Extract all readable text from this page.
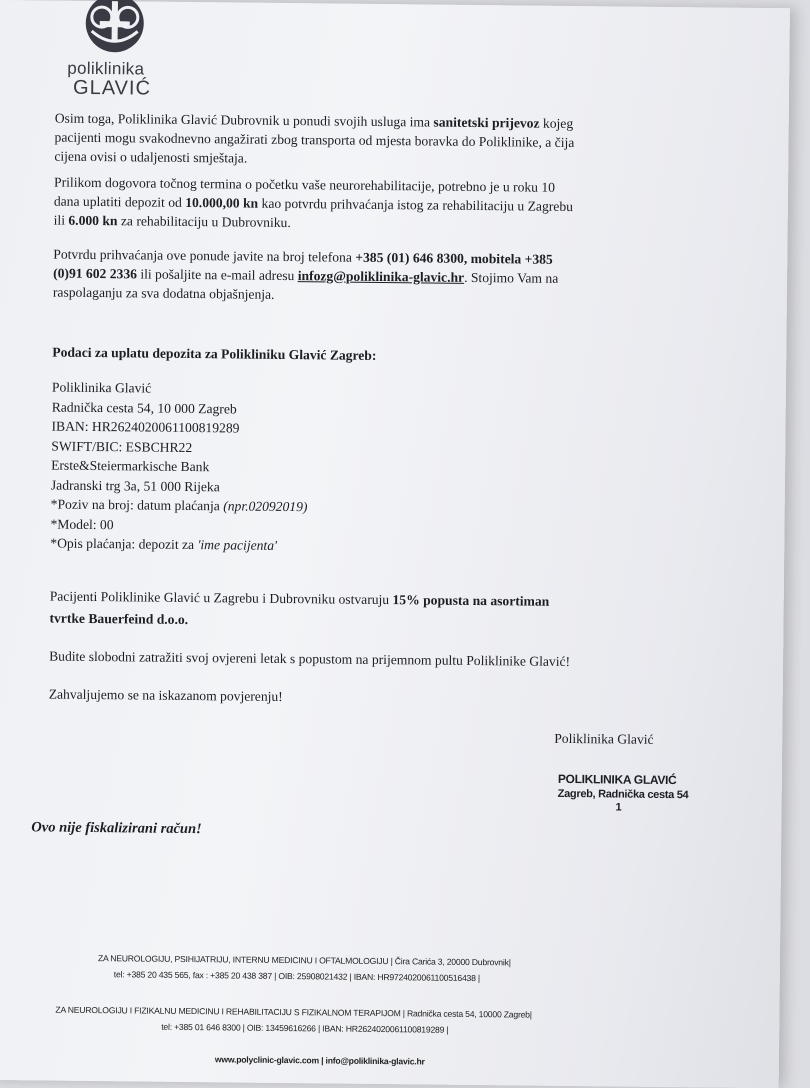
poliklinika
GLAVIĆ
Osim toga, Poliklinika Glavić Dubrovnik u ponudi svojih usluga ima sanitetski prijevoz kojeg
pacijenti mogu svakodnevno angažirati zbog transporta od mjesta boravka do Poliklinike, a čija
cijena ovisi o udaljenosti smještaja.
Prilikom dogovora točnog termina o početku vaše neurorehabilitacije, potrebno je u roku 10
dana uplatiti depozit od 10.000,00 kn kao potvrdu prihvaćanja istog za rehabilitaciju u Zagrebu
ili 6.000 kn za rehabilitaciju u Dubrovniku.
Potvrdu prihvaćanja ove ponude javite na broj telefona +385 (01) 646 8300, mobitela +385
(0)91 602 2336 ili pošaljite na e-mail adresu infozg@poliklinika-glavic.hr. Stojimo Vam na
raspolaganju za sva dodatna objašnjenja.
Podaci za uplatu depozita za Polikliniku Glavić Zagreb:
Poliklinika Glavić
Radnička cesta 54, 10 000 Zagreb
IBAN: HR2624020061100819289
SWIFT/BIC: ESBCHR22
Erste&Steiermarkische Bank
Jadranski trg 3a, 51 000 Rijeka
*Poziv na broj: datum plaćanja (npr.02092019)
*Model: 00
*Opis plaćanja: depozit za 'ime pacijenta'
Pacijenti Poliklinike Glavić u Zagrebu i Dubrovniku ostvaruju 15% popusta na asortiman
tvrtke Bauerfeind d.o.o.
Budite slobodni zatražiti svoj ovjereni letak s popustom na prijemnom pultu Poliklinike Glavić!
Zahvaljujemo se na iskazanom povjerenju!
Poliklinika Glavić
POLIKLINIKA GLAVIĆ
Zagreb, Radnička cesta 54
1
Ovo nije fiskalizirani račun!
ZA NEUROLOGIJU, PSIHIJATRIJU, INTERNU MEDICINU I OFTALMOLOGIJU | Čira Carića 3, 20000 Dubrovnik|
tel: +385 20 435 565, fax : +385 20 438 387 | OIB: 25908021432 | IBAN: HR9724020061100516438 |
ZA NEUROLOGIJU I FIZIKALNU MEDICINU I REHABILITACIJU S FIZIKALNOM TERAPIJOM | Radnička cesta 54, 10000 Zagreb|
tel: +385 01 646 8300 | OIB: 13459616266 | IBAN: HR2624020061100819289 |
www.polyclinic-glavic.com | info@poliklinika-glavic.hr
